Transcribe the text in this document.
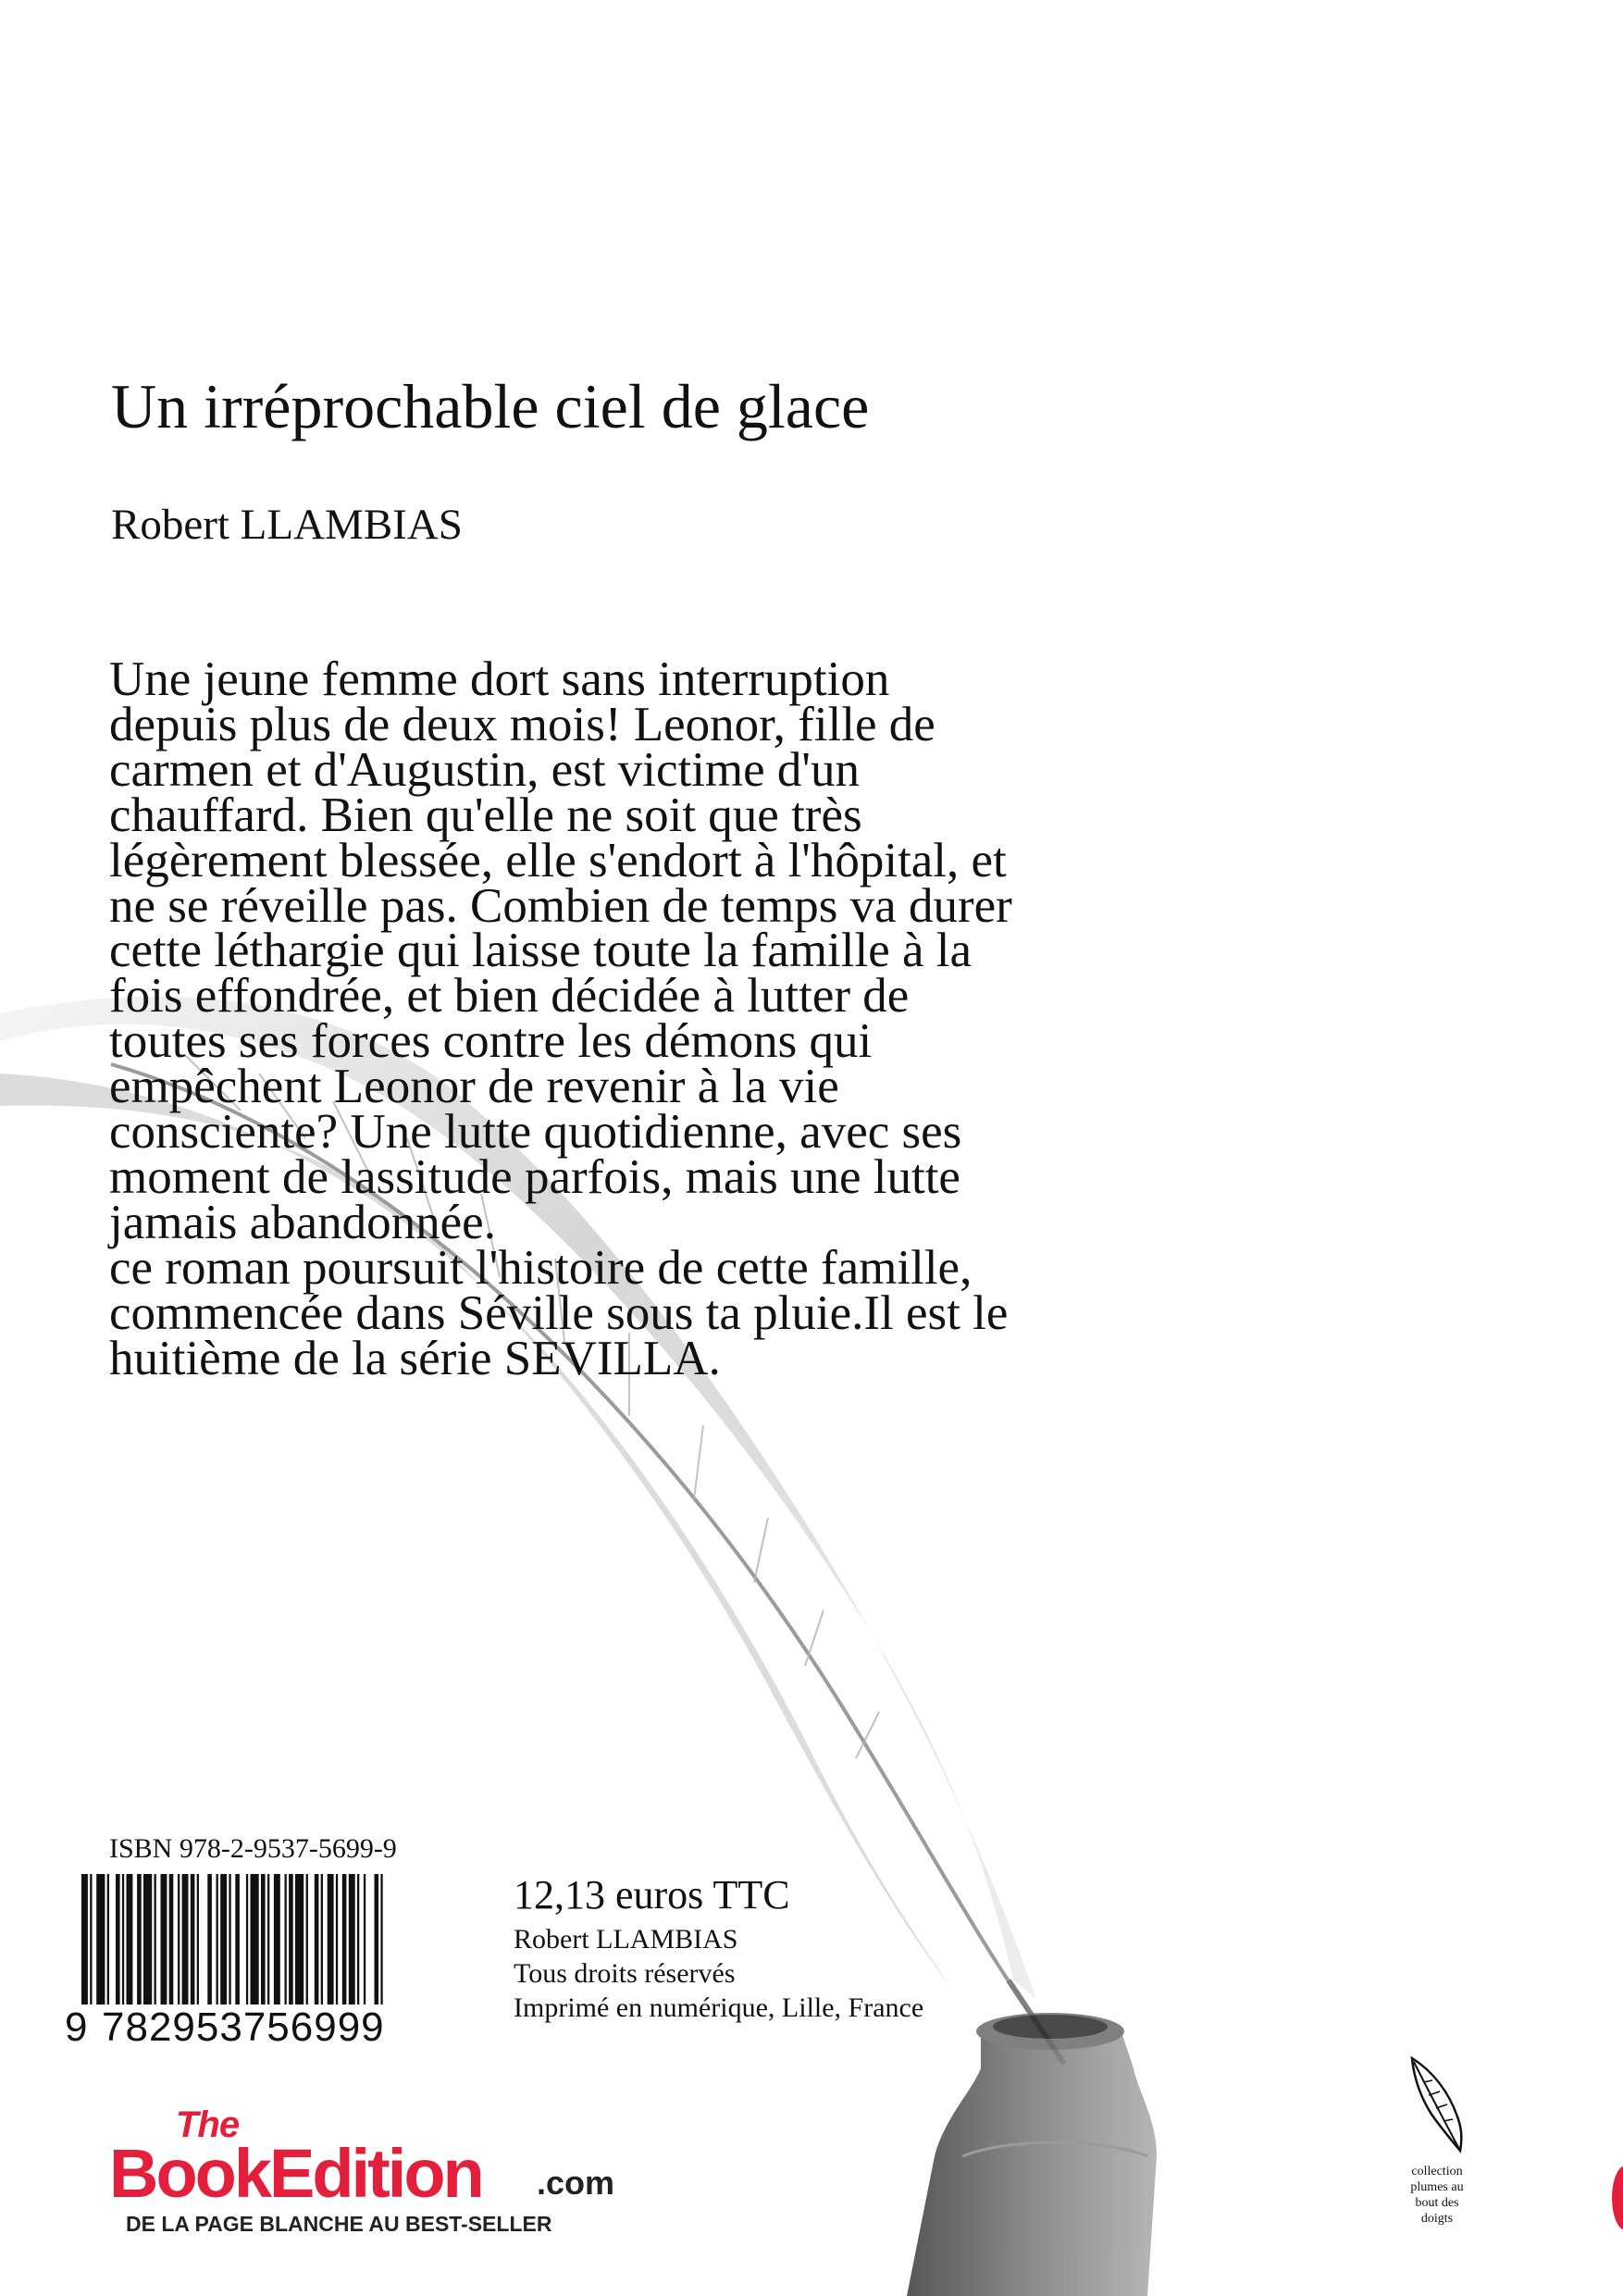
Un irréprochable ciel de glace
Robert LLAMBIAS
Une jeune femme dort sans interruption
depuis plus de deux mois! Leonor, fille de
carmen et d'Augustin, est victime d'un
chauffard. Bien qu'elle ne soit que très
légèrement blessée, elle s'endort à l'hôpital, et
ne se réveille pas. Combien de temps va durer
cette léthargie qui laisse toute la famille à la
fois effondrée, et bien décidée à lutter de
toutes ses forces contre les démons qui
empêchent Leonor de revenir à la vie
consciente? Une lutte quotidienne, avec ses
moment de lassitude parfois, mais une lutte
jamais abandonnée.
ce roman poursuit l'histoire de cette famille,
commencée dans Séville sous ta pluie.Il est le
huitième de la série SEVILLA.
ISBN 978-2-9537-5699-9
9 782953756999
12,13 euros TTC
Robert LLAMBIAS
Tous droits réservés
Imprimé en numérique, Lille, France
The
BookEdition .com
DE LA PAGE BLANCHE AU BEST-SELLER
collection
plumes au
bout des
doigts
